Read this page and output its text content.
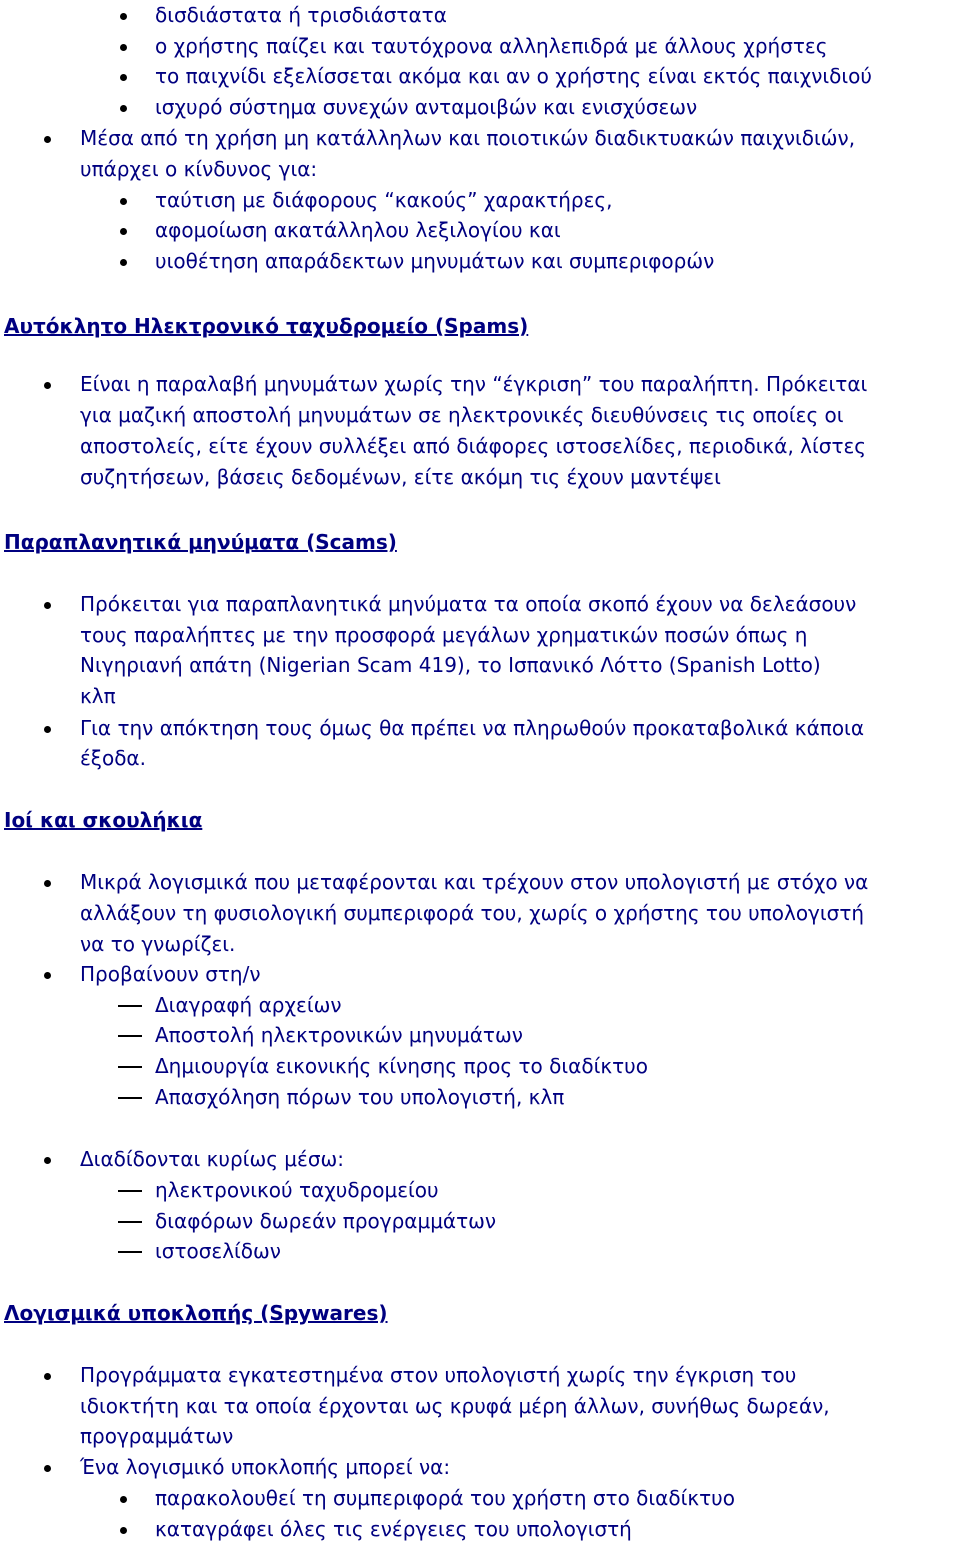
δισδιάστατα ή τρισδιάστατα
ο χρήστης παίζει και ταυτόχρονα αλληλεπιδρά με άλλους χρήστες
το παιχνίδι εξελίσσεται ακόμα και αν ο χρήστης είναι εκτός παιχνιδιού
ισχυρό σύστημα συνεχών ανταμοιβών και ενισχύσεων
Μέσα από τη χρήση μη κατάλληλων και ποιοτικών διαδικτυακών παιχνιδιών,
υπάρχει ο κίνδυνος για:
ταύτιση με διάφορους “κακούς” χαρακτήρες,
αφομοίωση ακατάλληλου λεξιλογίου και
υιοθέτηση απαράδεκτων μηνυμάτων και συμπεριφορών
Αυτόκλητο Ηλεκτρονικό ταχυδρομείο (Spams)
Είναι η παραλαβή μηνυμάτων χωρίς την “έγκριση” του παραλήπτη. Πρόκειται
για μαζική αποστολή μηνυμάτων σε ηλεκτρονικές διευθύνσεις τις οποίες οι
αποστολείς, είτε έχουν συλλέξει από διάφορες ιστοσελίδες, περιοδικά, λίστες
συζητήσεων, βάσεις δεδομένων, είτε ακόμη τις έχουν μαντέψει
Παραπλανητικά μηνύματα (Scams)
Πρόκειται για παραπλανητικά μηνύματα τα οποία σκοπό έχουν να δελεάσουν
τους παραλήπτες με την προσφορά μεγάλων χρηματικών ποσών όπως η
Νιγηριανή απάτη (Nigerian Scam 419), το Ισπανικό Λόττο (Spanish Lotto)
κλπ
Για την απόκτηση τους όμως θα πρέπει να πληρωθούν προκαταβολικά κάποια
έξοδα.
Ιοί και σκουλήκια
Μικρά λογισμικά που μεταφέρονται και τρέχουν στον υπολογιστή με στόχο να
αλλάξουν τη φυσιολογική συμπεριφορά του, χωρίς ο χρήστης του υπολογιστή
να το γνωρίζει.
Προβαίνουν στη/ν
Διαγραφή αρχείων
Αποστολή ηλεκτρονικών μηνυμάτων
Δημιουργία εικονικής κίνησης προς το διαδίκτυο
Απασχόληση πόρων του υπολογιστή, κλπ
Διαδίδονται κυρίως μέσω:
ηλεκτρονικού ταχυδρομείου
διαφόρων δωρεάν προγραμμάτων
ιστοσελίδων
Λογισμικά υποκλοπής (Spywares)
Προγράμματα εγκατεστημένα στον υπολογιστή χωρίς την έγκριση του
ιδιοκτήτη και τα οποία έρχονται ως κρυφά μέρη άλλων, συνήθως δωρεάν,
προγραμμάτων
Ένα λογισμικό υποκλοπής μπορεί να:
παρακολουθεί τη συμπεριφορά του χρήστη στο διαδίκτυο
καταγράφει όλες τις ενέργειες του υπολογιστή
